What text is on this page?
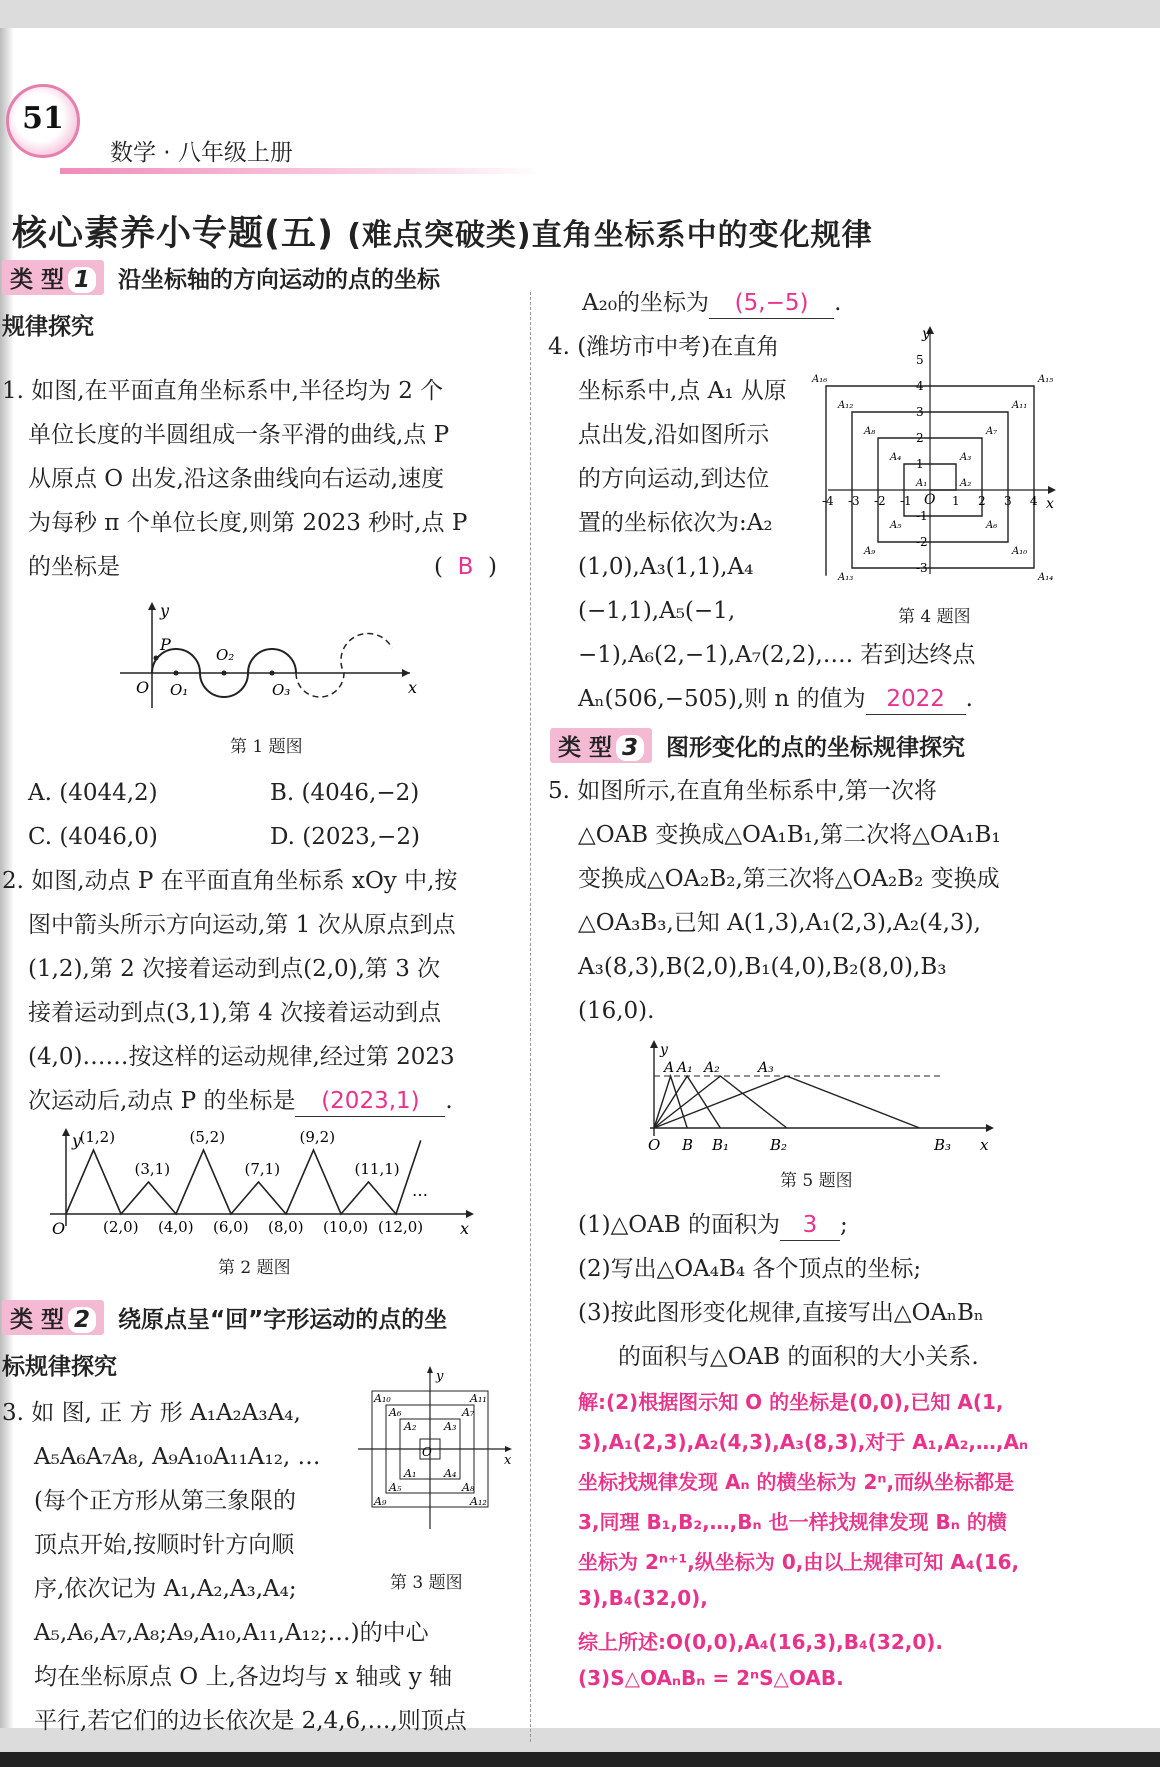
51
数学 · 八年级上册
核心素养小专题(五) (难点突破类)直角坐标系中的变化规律
类 型 1 沿坐标轴的方向运动的点的坐标
规律探究
1. 如图,在平面直角坐标系中,半径均为 2 个
单位长度的半圆组成一条平滑的曲线,点 P
从原点 O 出发,沿这条曲线向右运动,速度
为每秒 π 个单位长度,则第 2023 秒时,点 P
的坐标是	( B )
y
x
O
P
O₁
O₂
O₃
第 1 题图
A. (4044,2)	B. (4046,−2)
C. (4046,0)	D. (2023,−2)
2. 如图,动点 P 在平面直角坐标系 xOy 中,按
图中箭头所示方向运动,第 1 次从原点到点
(1,2),第 2 次接着运动到点(2,0),第 3 次
接着运动到点(3,1),第 4 次接着运动到点
(4,0)……按这样的运动规律,经过第 2023
次运动后,动点 P 的坐标是 (2023,1) .
y
x
O
…
(1,2)
(3,1)
(5,2)
(7,1)
(9,2)
(11,1)
(2,0) (4,0) (6,0) (8,0) (10,0) (12,0)
第 2 题图
类 型 2 绕原点呈“回”字形运动的点的坐
标规律探究
3. 如 图, 正 方 形 A₁A₂A₃A₄,
A₅A₆A₇A₈, A₉A₁₀A₁₁A₁₂, …
(每个正方形从第三象限的
顶点开始,按顺时针方向顺
序,依次记为 A₁,A₂,A₃,A₄;
A₅,A₆,A₇,A₈;A₉,A₁₀,A₁₁,A₁₂;…)的中心
均在坐标原点 O 上,各边均与 x 轴或 y 轴
平行,若它们的边长依次是 2,4,6,…,则顶点
y
x
O
A₁
A₂	A₃
A₄
A₅
A₆	A₇
A₈
A₉
A₁₀	A₁₁
A₁₂
第 3 题图
A₂₀的坐标为 (5,−5) .
4. (潍坊市中考)在直角
坐标系中,点 A₁ 从原
点出发,沿如图所示
的方向运动,到达位
置的坐标依次为:A₂
(1,0),A₃(1,1),A₄
(−1,1),A₅(−1,
−1),A₆(2,−1),A₇(2,2),…. 若到达终点
Aₙ(506,−505),则 n 的值为 2022 .
-4 -3 -2 -1	1 2 3 4
5
4
3
2
1
-1
-2
-3
A₁	A₂
A₃
A₄
A₅	A₆
A₇
A₈
A₉	A₁₀
A₁₁
A₁₂
A₁₃	A₁₄
A₁₅
A₁₆
y
x
O
第 4 题图
类 型 3 图形变化的点的坐标规律探究
5. 如图所示,在直角坐标系中,第一次将
△OAB 变换成△OA₁B₁,第二次将△OA₁B₁
变换成△OA₂B₂,第三次将△OA₂B₂ 变换成
△OA₃B₃,已知 A(1,3),A₁(2,3),A₂(4,3),
A₃(8,3),B(2,0),B₁(4,0),B₂(8,0),B₃
(16,0).
y
x
O
A A₁ A₂	A₃
B B₁	B₂	B₃
第 5 题图
(1)△OAB 的面积为 3 ;
(2)写出△OA₄B₄ 各个顶点的坐标;
(3)按此图形变化规律,直接写出△OAₙBₙ
的面积与△OAB 的面积的大小关系.
解:(2)根据图示知 O 的坐标是(0,0),已知 A(1,
3),A₁(2,3),A₂(4,3),A₃(8,3),对于 A₁,A₂,…,Aₙ
坐标找规律发现 Aₙ 的横坐标为 2ⁿ,而纵坐标都是
3,同理 B₁,B₂,…,Bₙ 也一样找规律发现 Bₙ 的横
坐标为 2ⁿ⁺¹,纵坐标为 0,由以上规律可知 A₄(16,
3),B₄(32,0),
综上所述:O(0,0),A₄(16,3),B₄(32,0).
(3)S△OAₙBₙ = 2ⁿS△OAB.
